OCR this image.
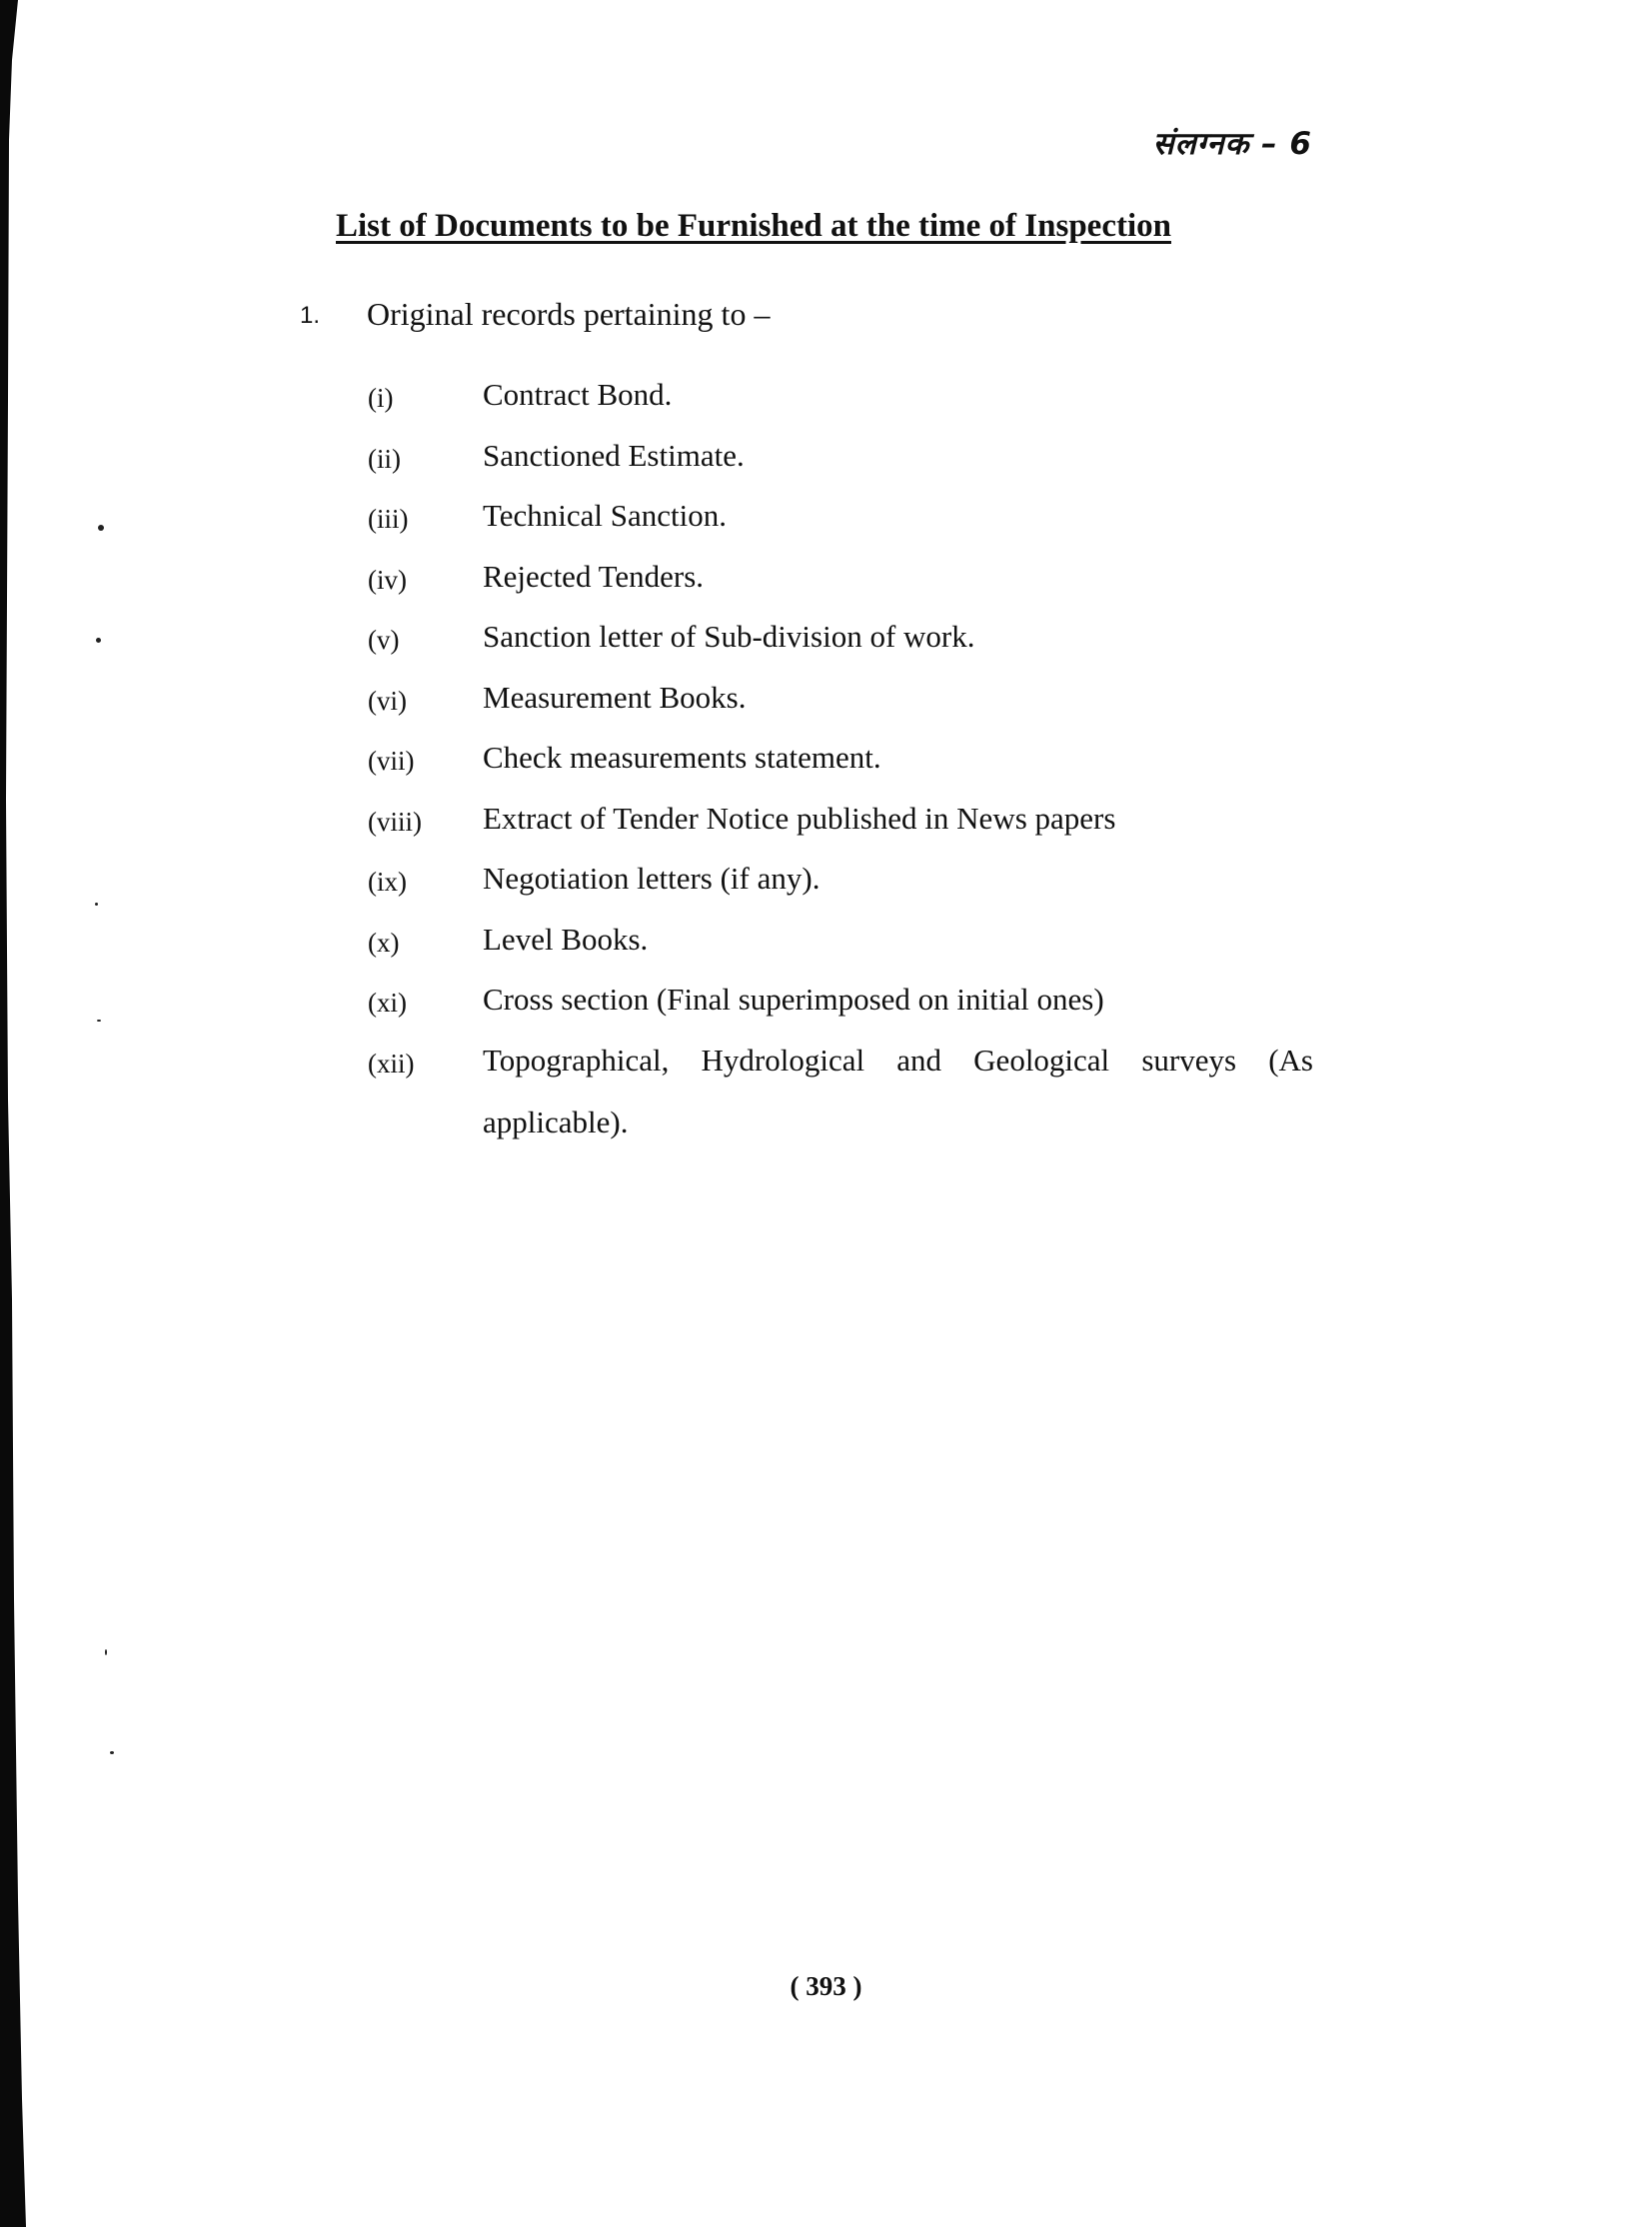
संलग्नक – 6
List of Documents to be Furnished at the time of Inspection
1. Original records pertaining to –
(i)	Contract Bond.
(ii)	Sanctioned Estimate.
(iii)	Technical Sanction.
(iv)	Rejected Tenders.
(v)	Sanction letter of Sub-division of work.
(vi)	Measurement Books.
(vii)	Check measurements statement.
(viii)	Extract of Tender Notice published in News papers
(ix)	Negotiation letters (if any).
(x)	Level Books.
(xi)	Cross section (Final superimposed on initial ones)
(xii)	Topographical, Hydrological and Geological surveys (As applicable).
( 393 )
